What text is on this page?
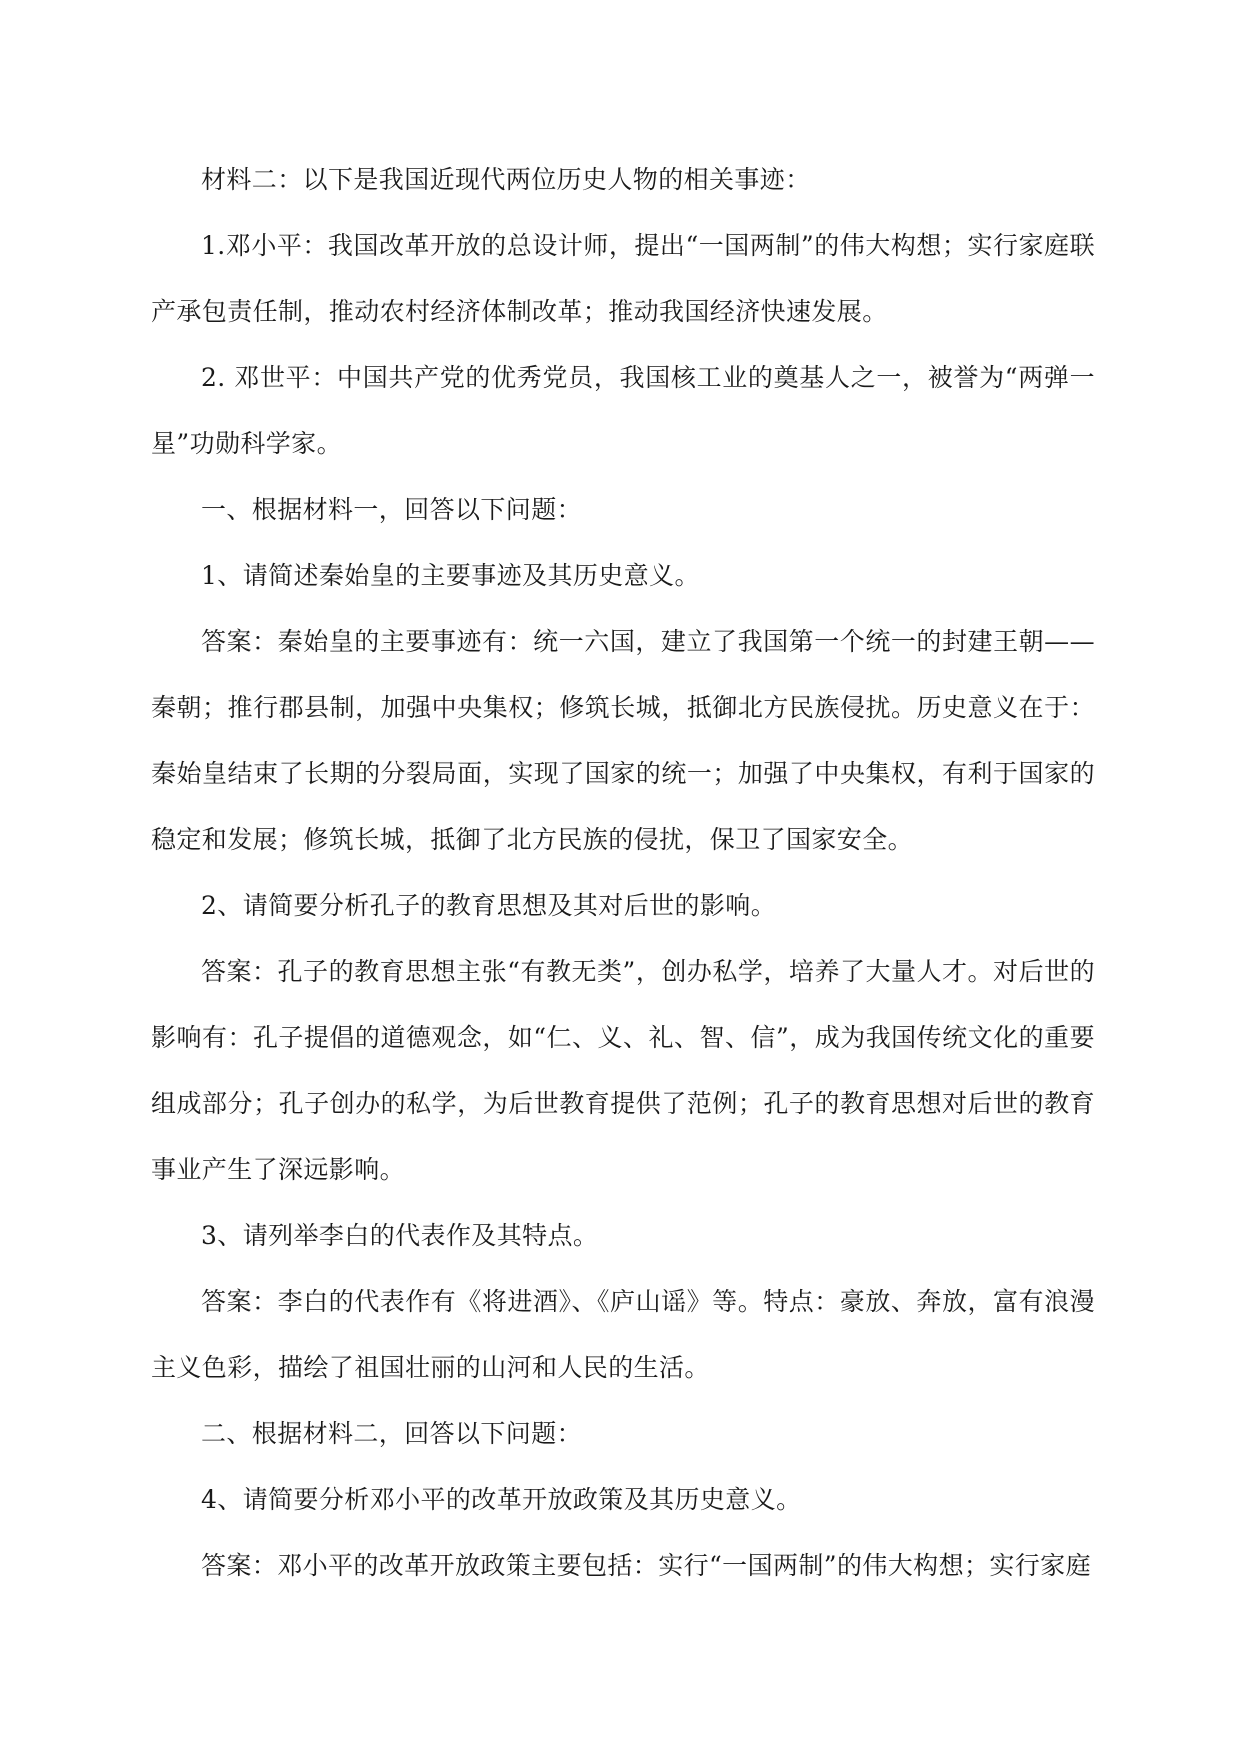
材料二：以下是我国近现代两位历史人物的相关事迹：

1.邓小平：我国改革开放的总设计师，提出“一国两制”的伟大构想；实行家庭联产承包责任制，推动农村经济体制改革；推动我国经济快速发展。

2. 邓世平：中国共产党的优秀党员，我国核工业的奠基人之一，被誉为“两弹一星”功勋科学家。

一、根据材料一，回答以下问题：

1、请简述秦始皇的主要事迹及其历史意义。

答案：秦始皇的主要事迹有：统一六国，建立了我国第一个统一的封建王朝——秦朝；推行郡县制，加强中央集权；修筑长城，抵御北方民族侵扰。历史意义在于：秦始皇结束了长期的分裂局面，实现了国家的统一；加强了中央集权，有利于国家的稳定和发展；修筑长城，抵御了北方民族的侵扰，保卫了国家安全。

2、请简要分析孔子的教育思想及其对后世的影响。

答案：孔子的教育思想主张“有教无类”，创办私学，培养了大量人才。对后世的影响有：孔子提倡的道德观念，如“仁、义、礼、智、信”，成为我国传统文化的重要组成部分；孔子创办的私学，为后世教育提供了范例；孔子的教育思想对后世的教育事业产生了深远影响。

3、请列举李白的代表作及其特点。

答案：李白的代表作有《将进酒》、《庐山谣》等。特点：豪放、奔放，富有浪漫主义色彩，描绘了祖国壮丽的山河和人民的生活。

二、根据材料二，回答以下问题：

4、请简要分析邓小平的改革开放政策及其历史意义。

答案：邓小平的改革开放政策主要包括：实行“一国两制”的伟大构想；实行家庭
